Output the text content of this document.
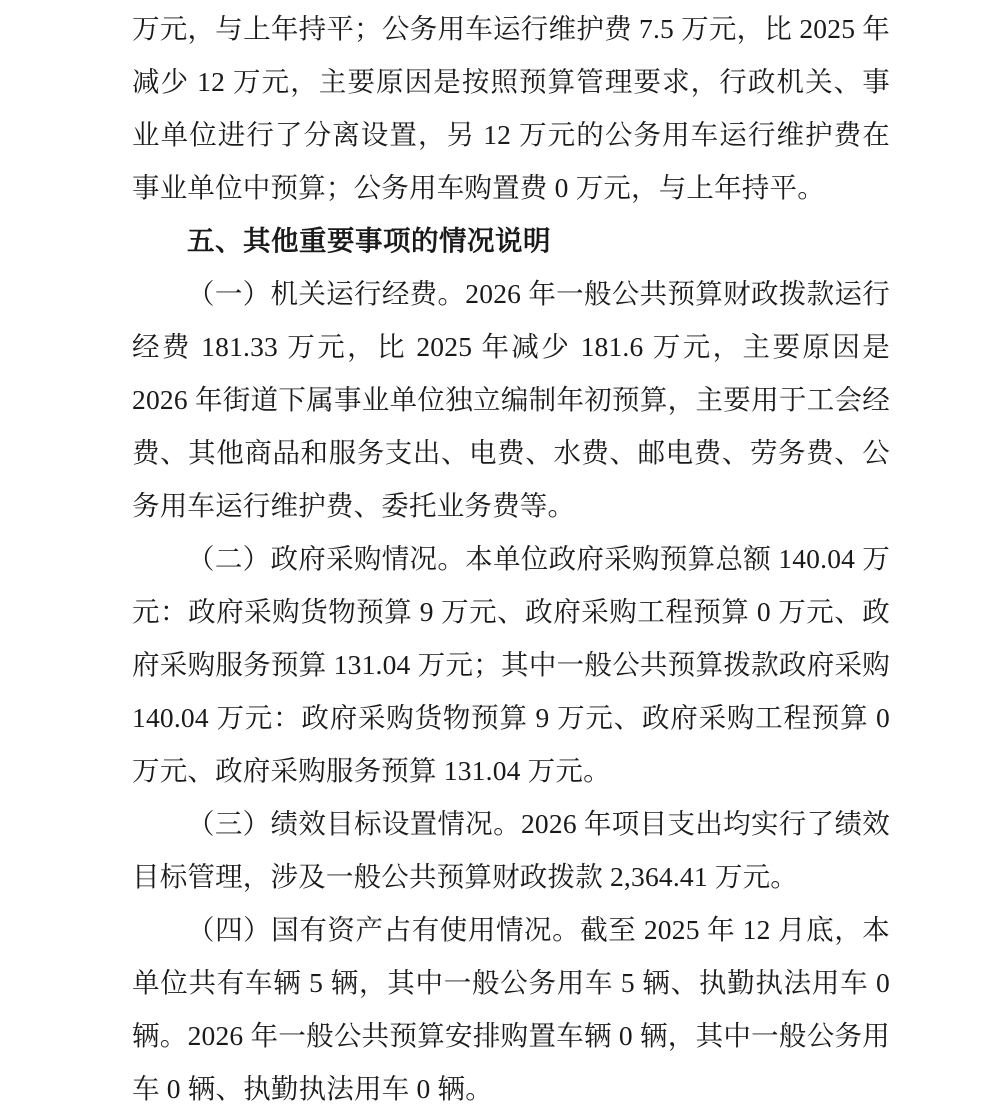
万元，与上年持平；公务用车运行维护费 7.5 万元，比 2025 年减少 12 万元，主要原因是按照预算管理要求，行政机关、事业单位进行了分离设置，另 12 万元的公务用车运行维护费在事业单位中预算；公务用车购置费 0 万元，与上年持平。

五、其他重要事项的情况说明

（一）机关运行经费。2026 年一般公共预算财政拨款运行经费 181.33 万元，比 2025 年减少 181.6 万元，主要原因是 2026 年街道下属事业单位独立编制年初预算，主要用于工会经费、其他商品和服务支出、电费、水费、邮电费、劳务费、公务用车运行维护费、委托业务费等。

（二）政府采购情况。本单位政府采购预算总额 140.04 万元：政府采购货物预算 9 万元、政府采购工程预算 0 万元、政府采购服务预算 131.04 万元；其中一般公共预算拨款政府采购 140.04 万元：政府采购货物预算 9 万元、政府采购工程预算 0 万元、政府采购服务预算 131.04 万元。

（三）绩效目标设置情况。2026 年项目支出均实行了绩效目标管理，涉及一般公共预算财政拨款 2,364.41 万元。

（四）国有资产占有使用情况。截至 2025 年 12 月底，本单位共有车辆 5 辆，其中一般公务用车 5 辆、执勤执法用车 0 辆。2026 年一般公共预算安排购置车辆 0 辆，其中一般公务用车 0 辆、执勤执法用车 0 辆。
